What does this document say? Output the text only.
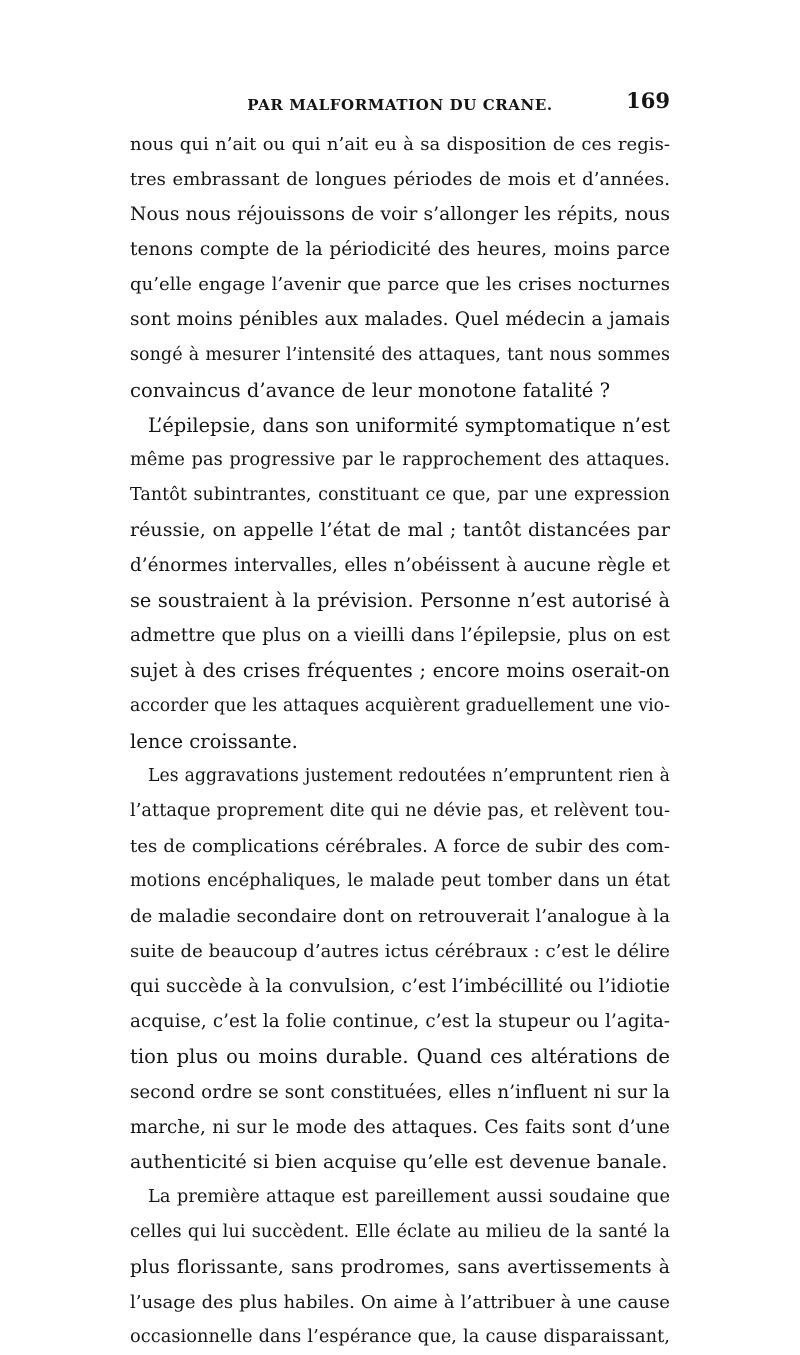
PAR MALFORMATION DU CRANE.	169
nous qui n’ait ou qui n’ait eu à sa disposition de ces regis-
tres embrassant de longues périodes de mois et d’années.
Nous nous réjouissons de voir s’allonger les répits, nous
tenons compte de la périodicité des heures, moins parce
qu’elle engage l’avenir que parce que les crises nocturnes
sont moins pénibles aux malades. Quel médecin a jamais
songé à mesurer l’intensité des attaques, tant nous sommes
convaincus d’avance de leur monotone fatalité ?
L’épilepsie, dans son uniformité symptomatique n’est
même pas progressive par le rapprochement des attaques.
Tantôt subintrantes, constituant ce que, par une expression
réussie, on appelle l’état de mal ; tantôt distancées par
d’énormes intervalles, elles n’obéissent à aucune règle et
se soustraient à la prévision. Personne n’est autorisé à
admettre que plus on a vieilli dans l’épilepsie, plus on est
sujet à des crises fréquentes ; encore moins oserait-on
accorder que les attaques acquièrent graduellement une vio-
lence croissante.
Les aggravations justement redoutées n’empruntent rien à
l’attaque proprement dite qui ne dévie pas, et relèvent tou-
tes de complications cérébrales. A force de subir des com-
motions encéphaliques, le malade peut tomber dans un état
de maladie secondaire dont on retrouverait l’analogue à la
suite de beaucoup d’autres ictus cérébraux : c’est le délire
qui succède à la convulsion, c’est l’imbécillité ou l’idiotie
acquise, c’est la folie continue, c’est la stupeur ou l’agita-
tion plus ou moins durable. Quand ces altérations de
second ordre se sont constituées, elles n’influent ni sur la
marche, ni sur le mode des attaques. Ces faits sont d’une
authenticité si bien acquise qu’elle est devenue banale.
La première attaque est pareillement aussi soudaine que
celles qui lui succèdent. Elle éclate au milieu de la santé la
plus florissante, sans prodromes, sans avertissements à
l’usage des plus habiles. On aime à l’attribuer à une cause
occasionnelle dans l’espérance que, la cause disparaissant,
